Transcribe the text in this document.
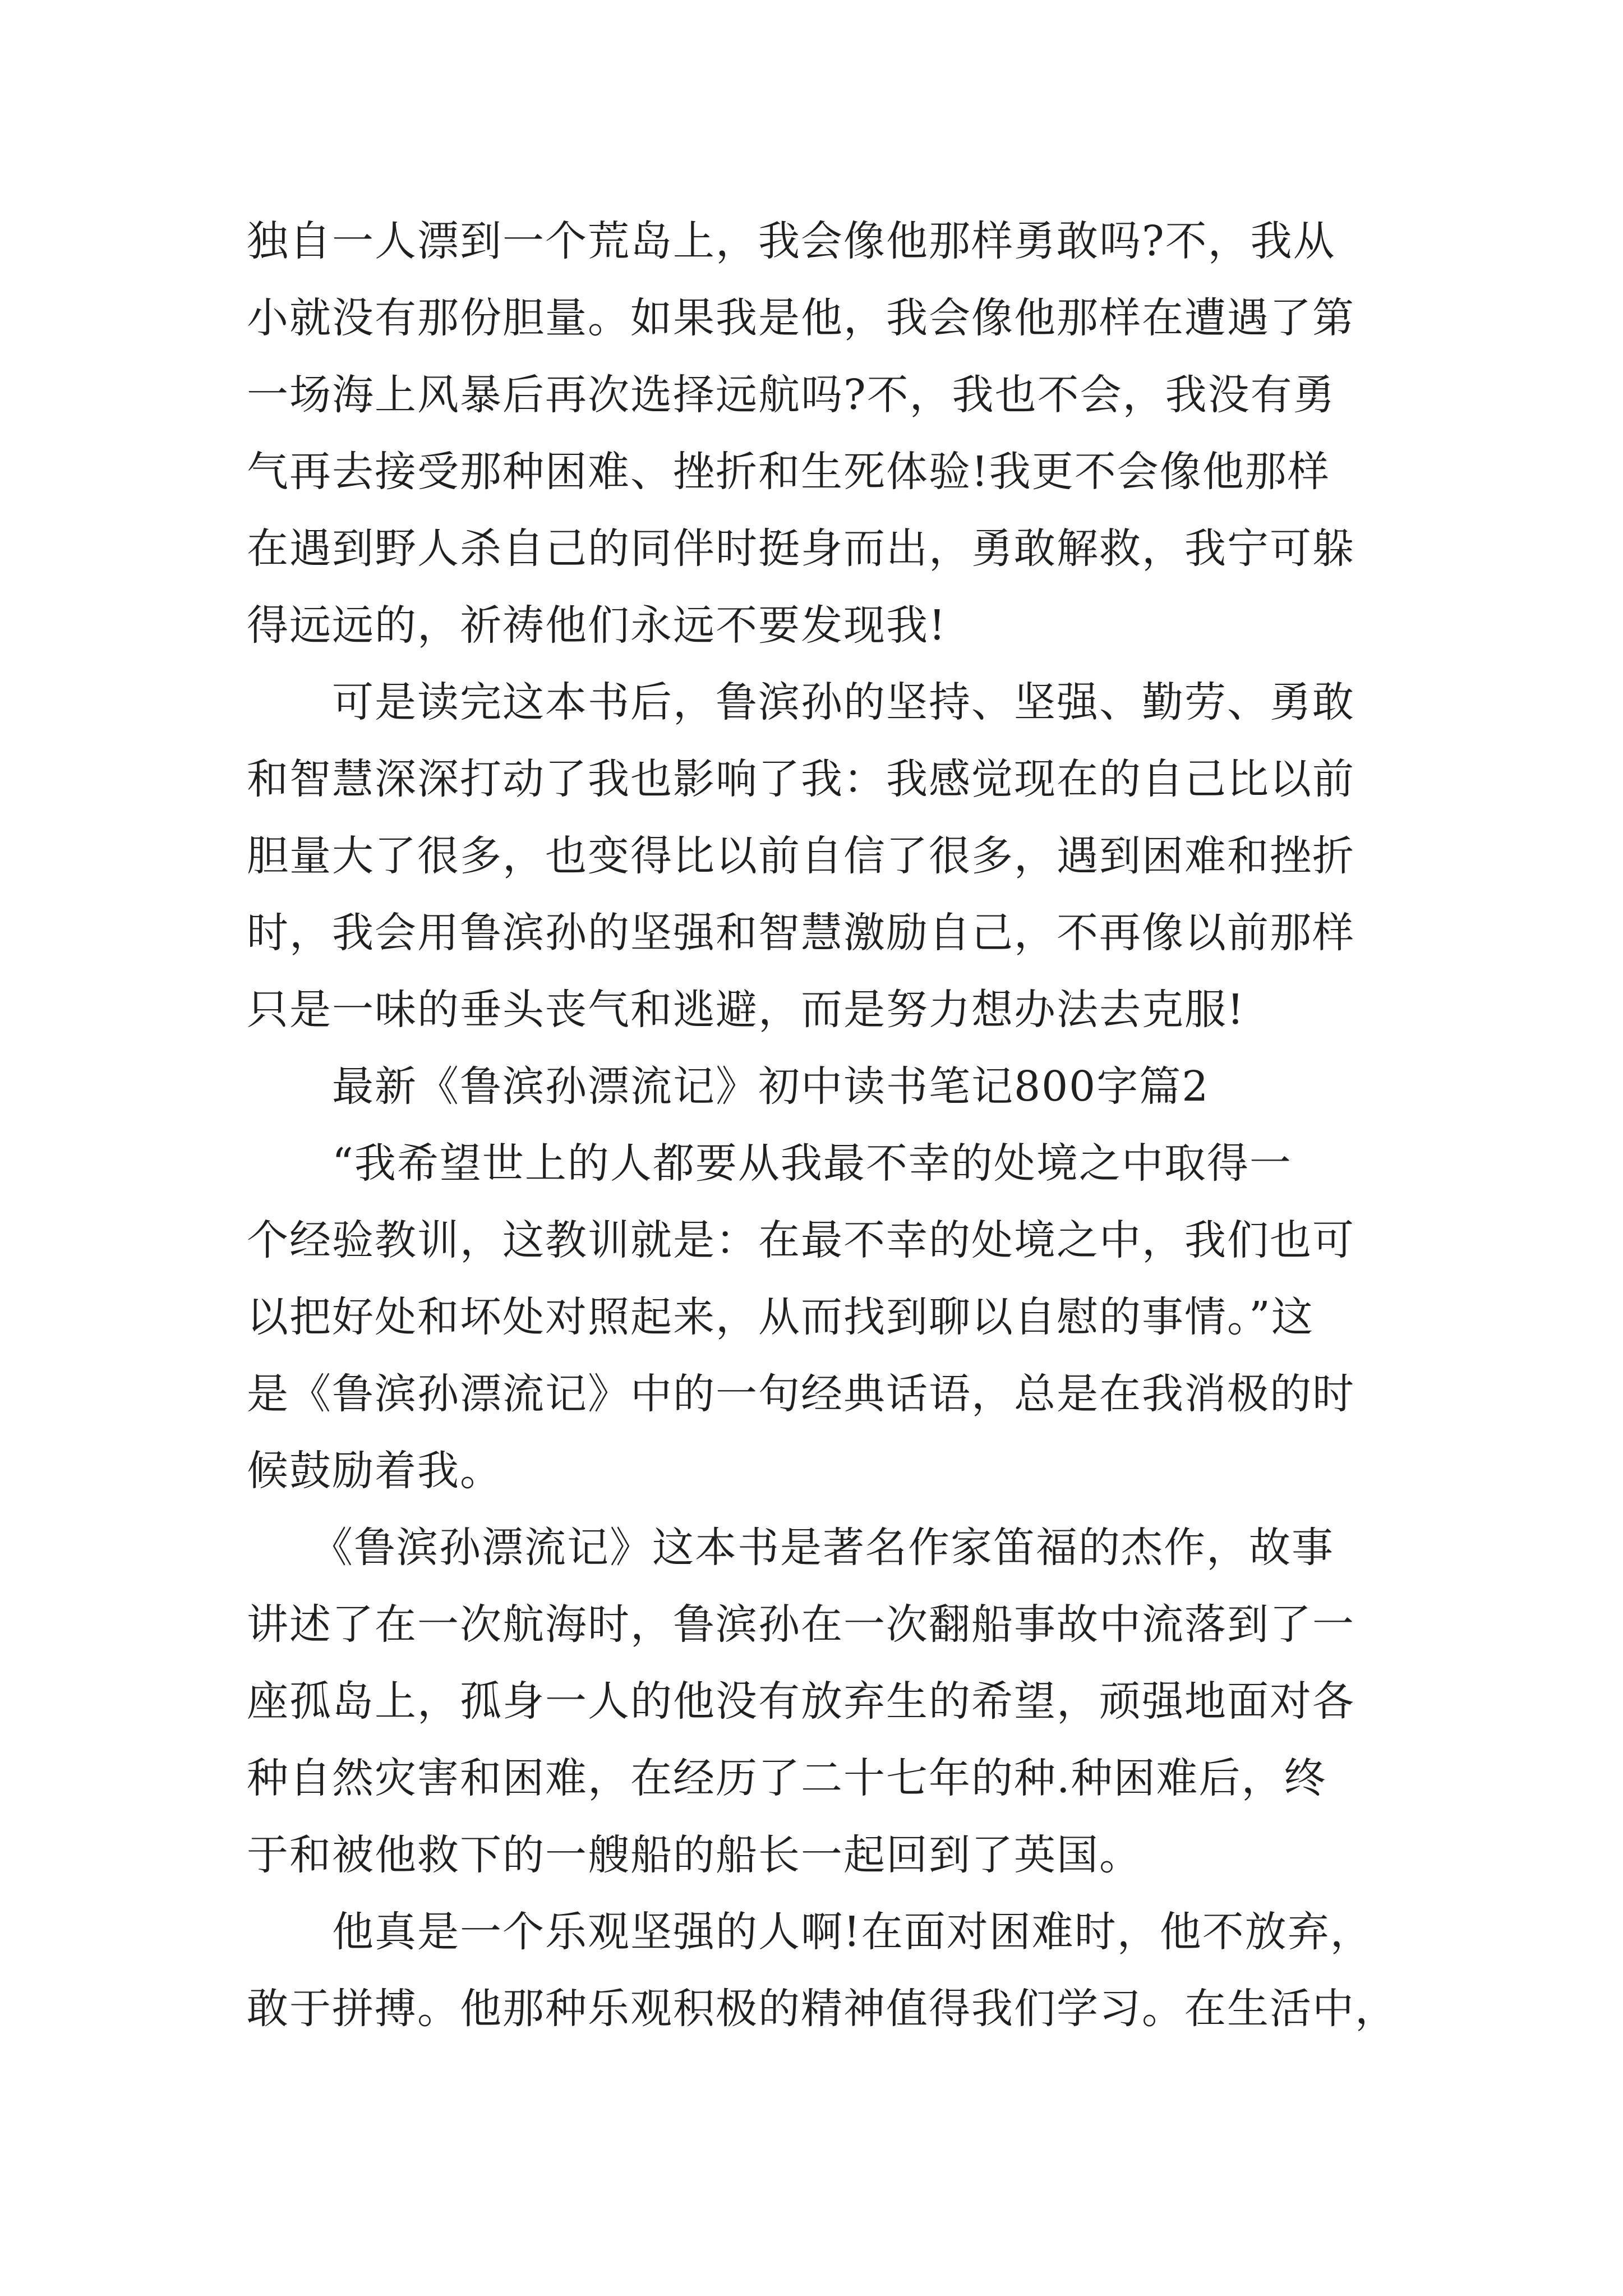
独自一人漂到一个荒岛上，我会像他那样勇敢吗?不，我从

小就没有那份胆量。如果我是他，我会像他那样在遭遇了第

一场海上风暴后再次选择远航吗?不，我也不会，我没有勇

气再去接受那种困难、挫折和生死体验!我更不会像他那样

在遇到野人杀自己的同伴时挺身而出，勇敢解救，我宁可躲

得远远的，祈祷他们永远不要发现我!

　　可是读完这本书后，鲁滨孙的坚持、坚强、勤劳、勇敢

和智慧深深打动了我也影响了我：我感觉现在的自己比以前

胆量大了很多，也变得比以前自信了很多，遇到困难和挫折

时，我会用鲁滨孙的坚强和智慧激励自己，不再像以前那样

只是一味的垂头丧气和逃避，而是努力想办法去克服!

　　最新《鲁滨孙漂流记》初中读书笔记800字篇2

　　“我希望世上的人都要从我最不幸的处境之中取得一

个经验教训，这教训就是：在最不幸的处境之中，我们也可

以把好处和坏处对照起来，从而找到聊以自慰的事情。”这

是《鲁滨孙漂流记》中的一句经典话语，总是在我消极的时

候鼓励着我。

　　《鲁滨孙漂流记》这本书是著名作家笛福的杰作，故事

讲述了在一次航海时，鲁滨孙在一次翻船事故中流落到了一

座孤岛上，孤身一人的他没有放弃生的希望，顽强地面对各

种自然灾害和困难，在经历了二十七年的种.种困难后，终

于和被他救下的一艘船的船长一起回到了英国。

　　他真是一个乐观坚强的人啊!在面对困难时，他不放弃，

敢于拼搏。他那种乐观积极的精神值得我们学习。在生活中，
